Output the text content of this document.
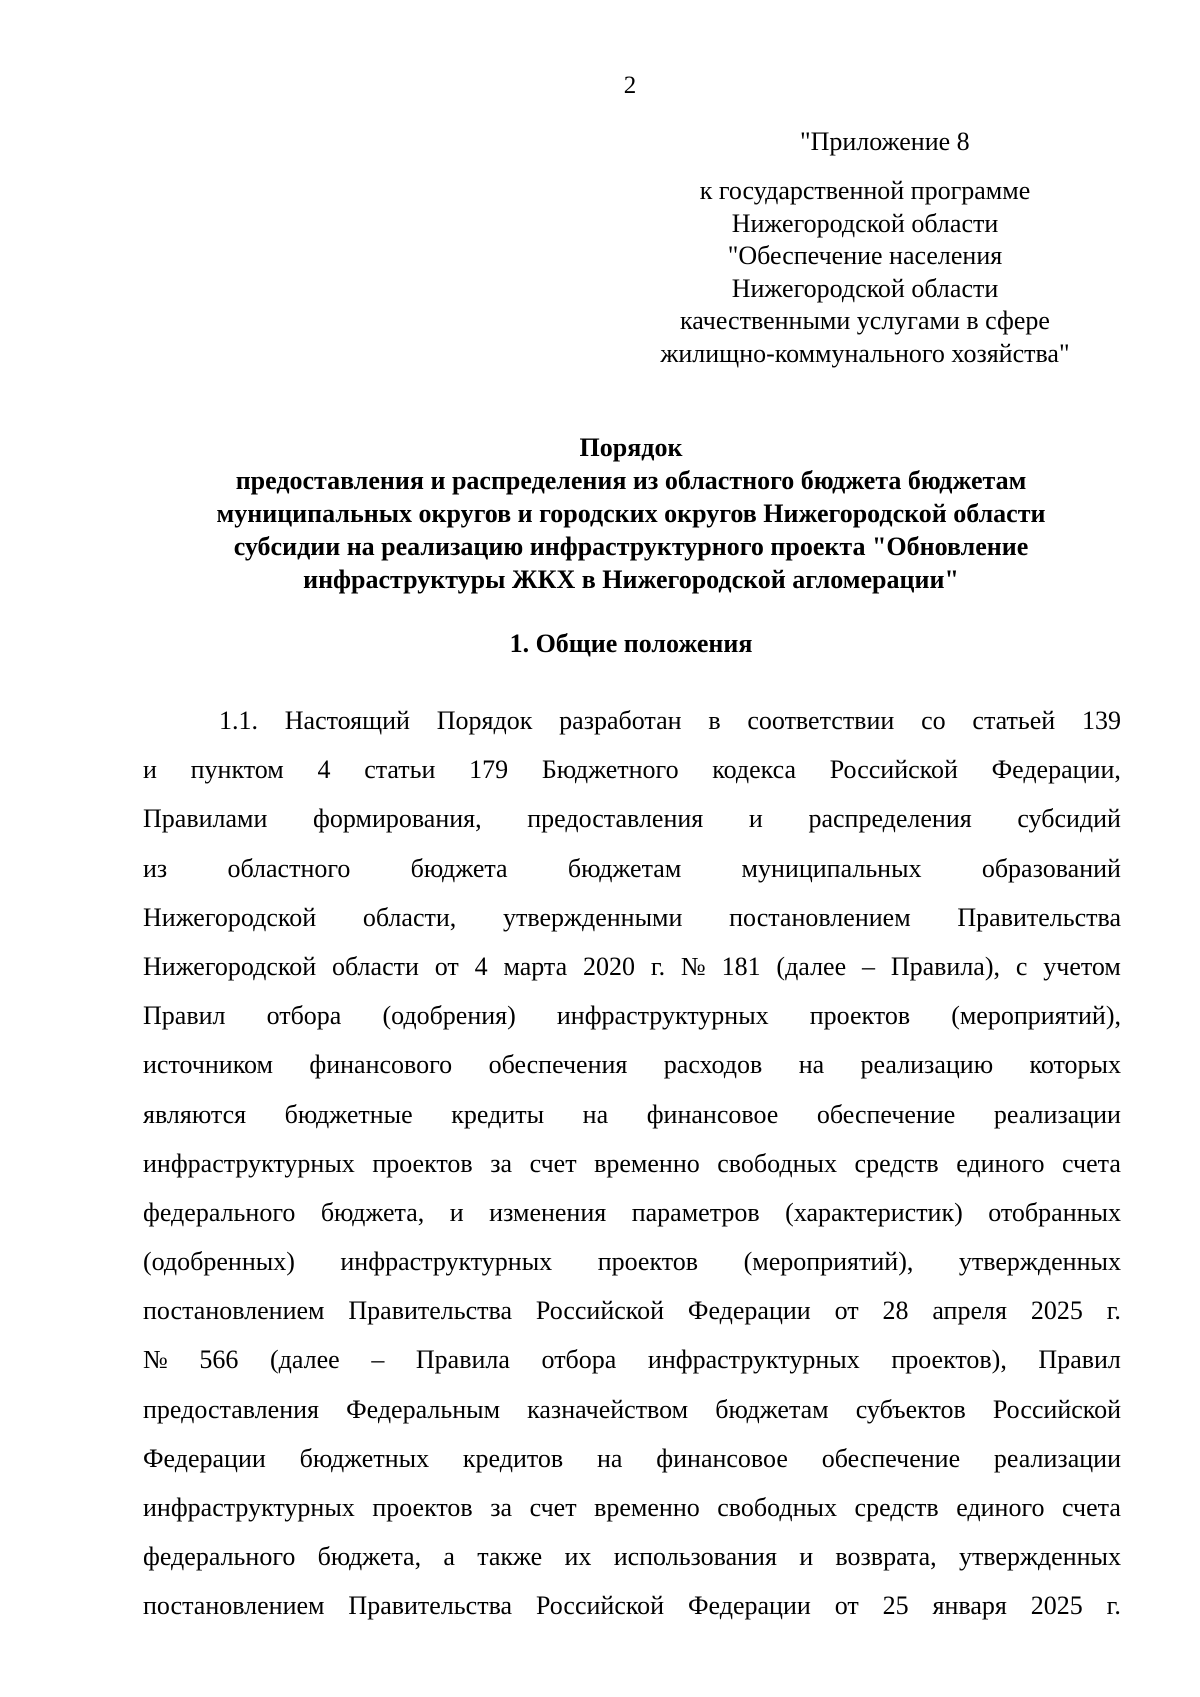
2
"Приложение 8
к государственной программе
Нижегородской области
"Обеспечение населения
Нижегородской области
качественными услугами в сфере
жилищно-коммунального хозяйства"
Порядок
предоставления и распределения из областного бюджета бюджетам
муниципальных округов и городских округов Нижегородской области
субсидии на реализацию инфраструктурного проекта "Обновление
инфраструктуры ЖКХ в Нижегородской агломерации"
1. Общие положения
1.1. Настоящий Порядок разработан в соответствии со статьей 139
и пунктом 4 статьи 179 Бюджетного кодекса Российской Федерации,
Правилами формирования, предоставления и распределения субсидий
из областного бюджета бюджетам муниципальных образований
Нижегородской области, утвержденными постановлением Правительства
Нижегородской области от 4 марта 2020 г. № 181 (далее – Правила), с учетом
Правил отбора (одобрения) инфраструктурных проектов (мероприятий),
источником финансового обеспечения расходов на реализацию которых
являются бюджетные кредиты на финансовое обеспечение реализации
инфраструктурных проектов за счет временно свободных средств единого счета
федерального бюджета, и изменения параметров (характеристик) отобранных
(одобренных) инфраструктурных проектов (мероприятий), утвержденных
постановлением Правительства Российской Федерации от 28 апреля 2025 г.
№ 566 (далее – Правила отбора инфраструктурных проектов), Правил
предоставления Федеральным казначейством бюджетам субъектов Российской
Федерации бюджетных кредитов на финансовое обеспечение реализации
инфраструктурных проектов за счет временно свободных средств единого счета
федерального бюджета, а также их использования и возврата, утвержденных
постановлением Правительства Российской Федерации от 25 января 2025 г.
